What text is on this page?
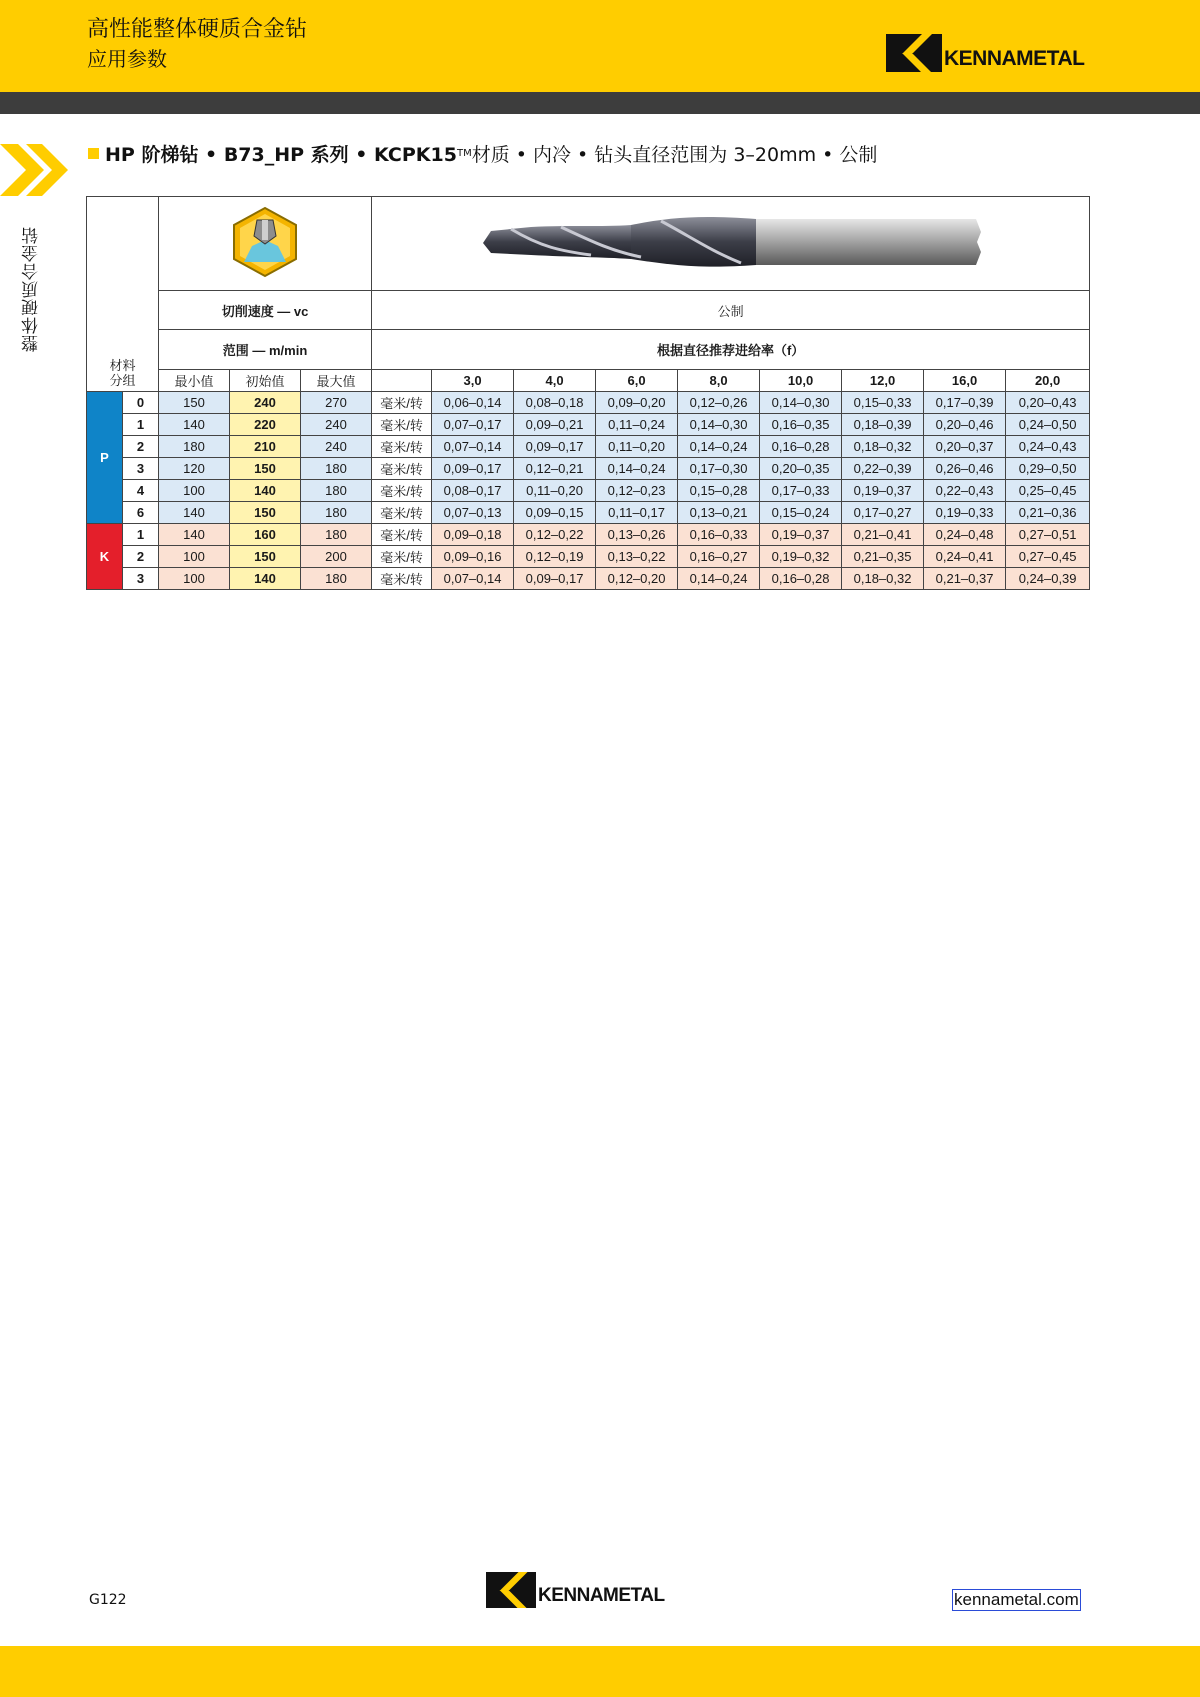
高性能整体硬质合金钻
应用参数	KENNAMETAL
整体硬质合金钻
HP 阶梯钻 • B73_HP 系列 • KCPK15 TM 材质 • 内冷 • 钻头直径范围为 3–20mm • 公制
材料
分组

		切削速度 — vc			公制								
		范围 — m/min			根据直径推荐进给率（f）								
		最小值	初始值	最大值		3,0	4,0	6,0	8,0	10,0	12,0	16,0	20,0
P	0	150	240	270	毫米/转	0,06–0,14	0,08–0,18	0,09–0,20	0,12–0,26	0,14–0,30	0,15–0,33	0,17–0,39	0,20–0,43
	1	140	220	240	毫米/转	0,07–0,17	0,09–0,21	0,11–0,24	0,14–0,30	0,16–0,35	0,18–0,39	0,20–0,46	0,24–0,50
	2	180	210	240	毫米/转	0,07–0,14	0,09–0,17	0,11–0,20	0,14–0,24	0,16–0,28	0,18–0,32	0,20–0,37	0,24–0,43
	3	120	150	180	毫米/转	0,09–0,17	0,12–0,21	0,14–0,24	0,17–0,30	0,20–0,35	0,22–0,39	0,26–0,46	0,29–0,50
	4	100	140	180	毫米/转	0,08–0,17	0,11–0,20	0,12–0,23	0,15–0,28	0,17–0,33	0,19–0,37	0,22–0,43	0,25–0,45
	6	140	150	180	毫米/转	0,07–0,13	0,09–0,15	0,11–0,17	0,13–0,21	0,15–0,24	0,17–0,27	0,19–0,33	0,21–0,36
K	1	140	160	180	毫米/转	0,09–0,18	0,12–0,22	0,13–0,26	0,16–0,33	0,19–0,37	0,21–0,41	0,24–0,48	0,27–0,51
	2	100	150	200	毫米/转	0,09–0,16	0,12–0,19	0,13–0,22	0,16–0,27	0,19–0,32	0,21–0,35	0,24–0,41	0,27–0,45
	3	100	140	180	毫米/转	0,07–0,14	0,09–0,17	0,12–0,20	0,14–0,24	0,16–0,28	0,18–0,32	0,21–0,37	0,24–0,39
G122	KENNAMETAL	kennametal.com
